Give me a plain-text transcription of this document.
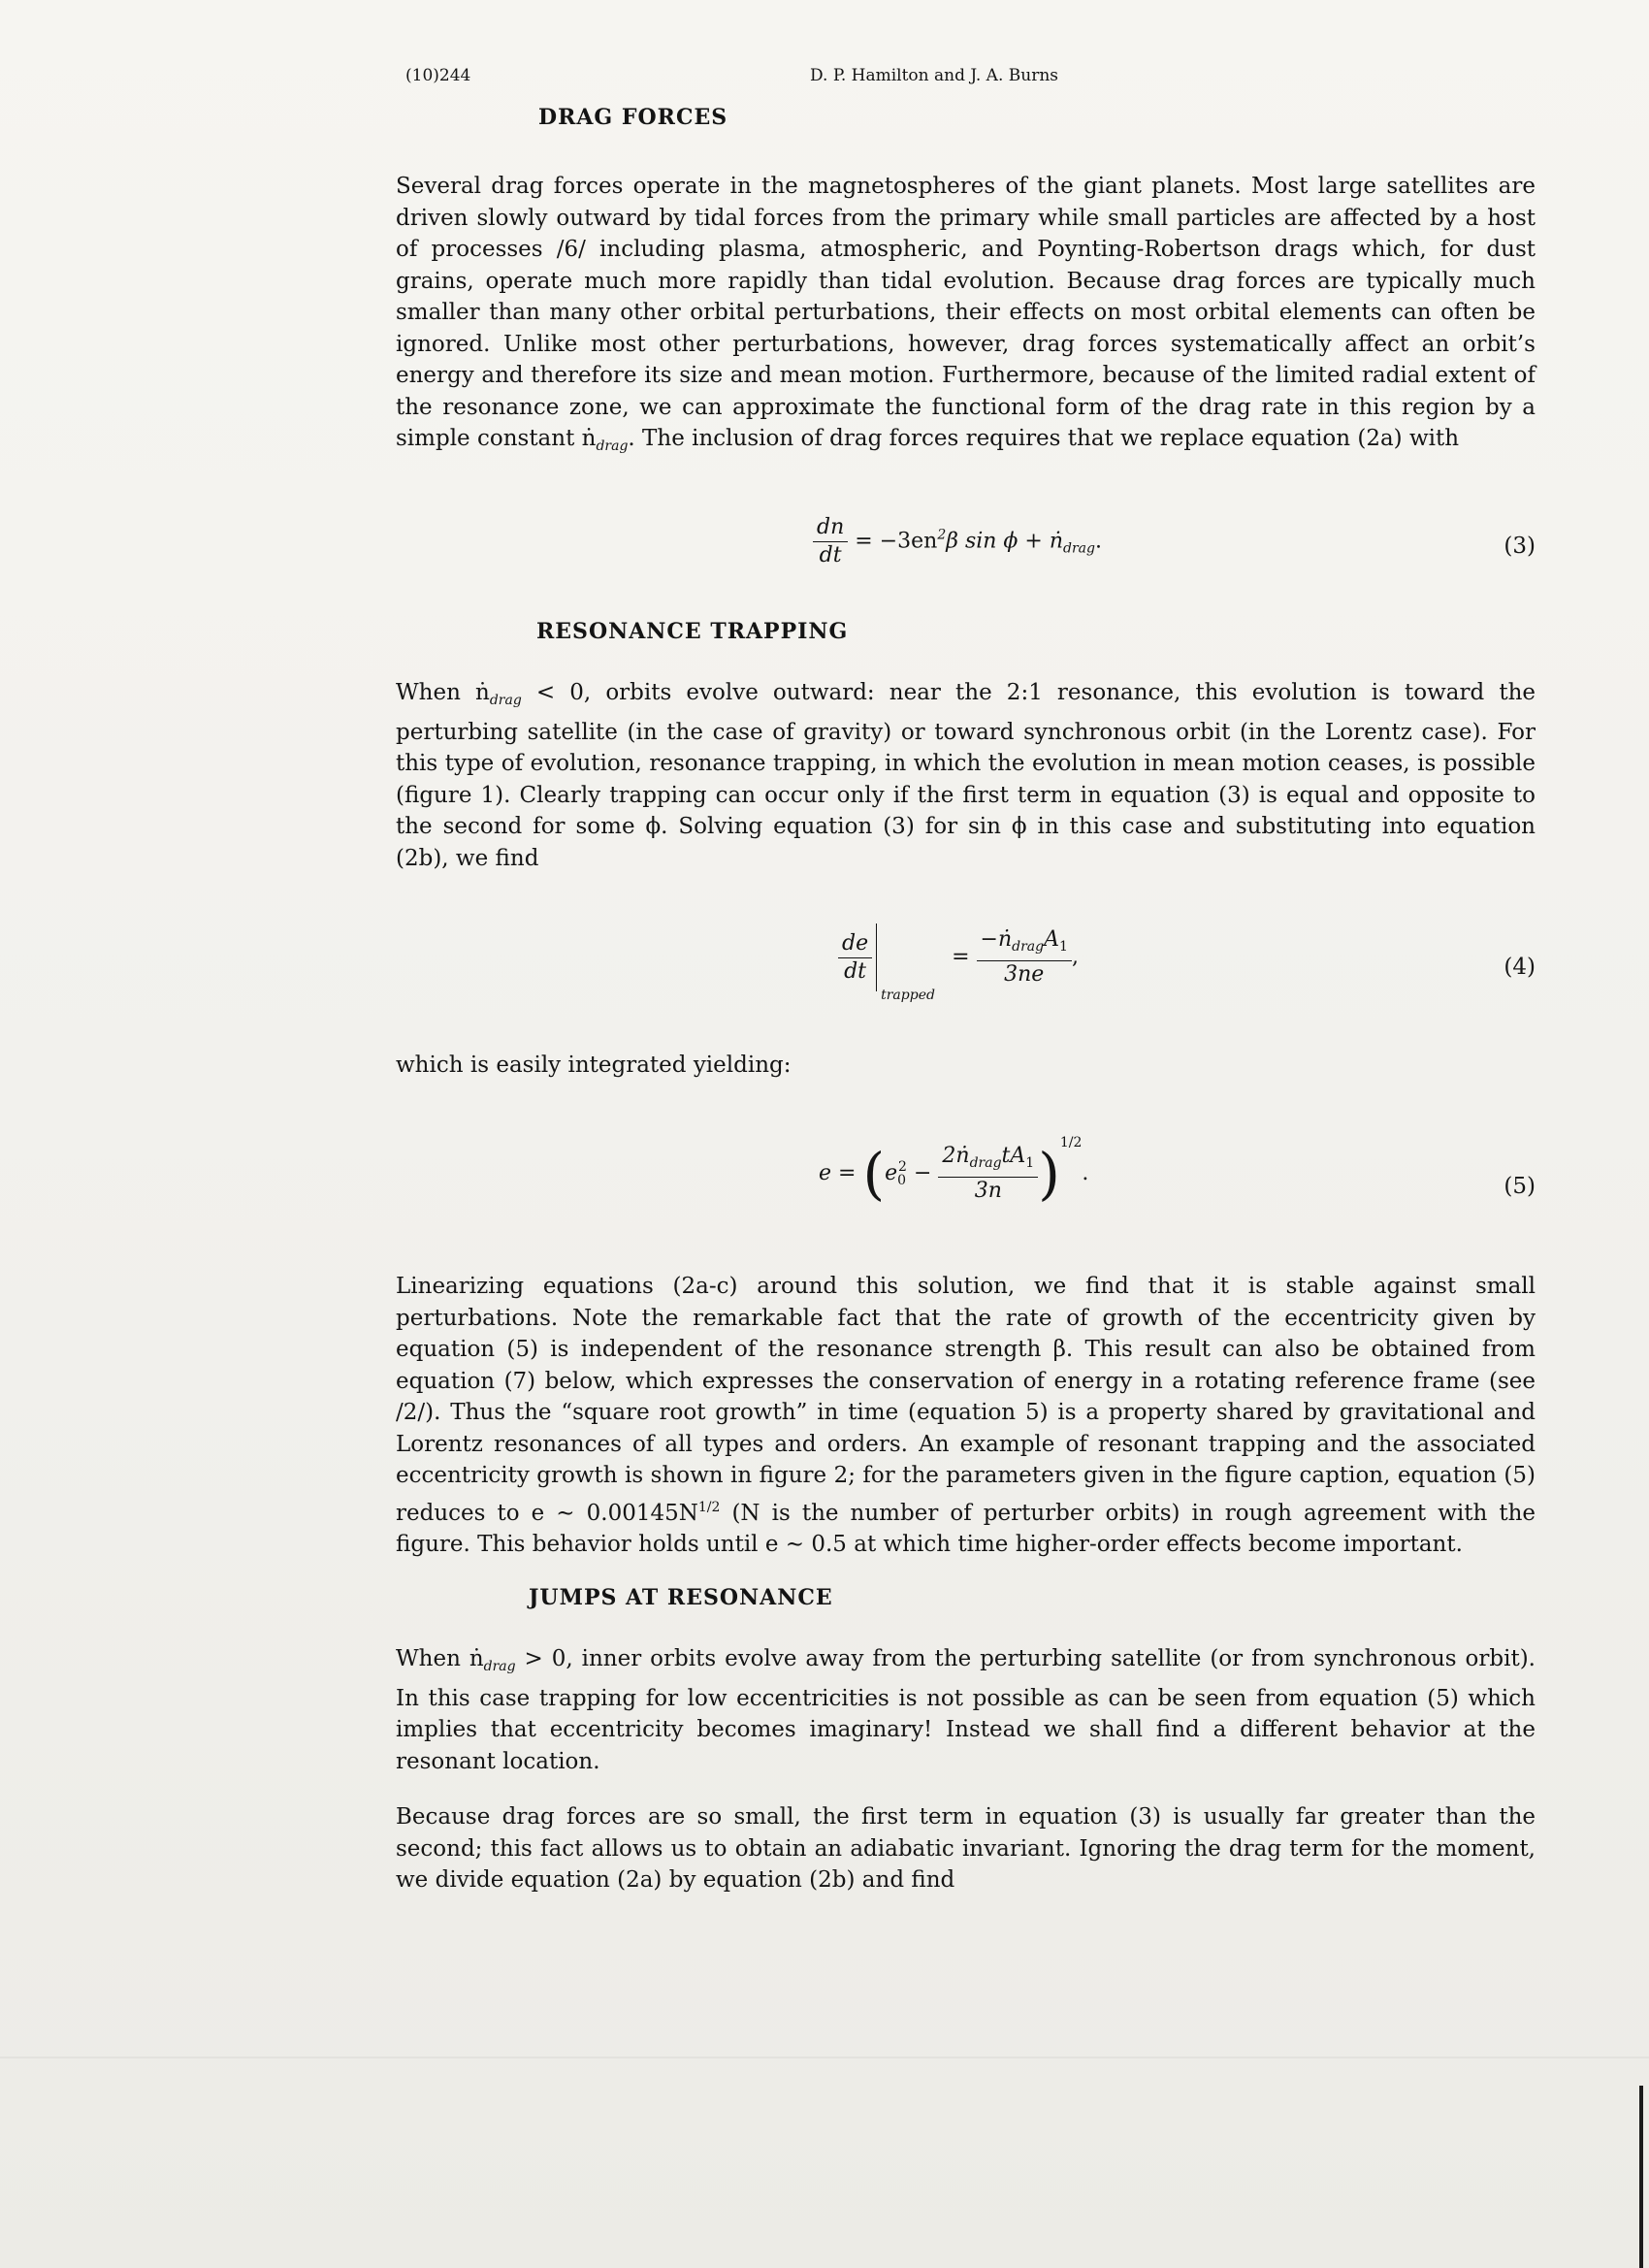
(10)244	D. P. Hamilton and J. A. Burns
DRAG FORCES
Several drag forces operate in the magnetospheres of the giant planets. Most large satellites are driven slowly outward by tidal forces from the primary while small particles are affected by a host of processes /6/ including plasma, atmospheric, and Poynting-Robertson drags which, for dust grains, operate much more rapidly than tidal evolution. Because drag forces are typically much smaller than many other orbital perturbations, their effects on most orbital elements can often be ignored. Unlike most other perturbations, however, drag forces systematically affect an orbit’s energy and therefore its size and mean motion. Furthermore, because of the limited radial extent of the resonance zone, we can approximate the functional form of the drag rate in this region by a simple constant ṅ$_{drag}$. The inclusion of drag forces requires that we replace equation (2a) with
$\frac{dn}{dt} = -3en^2\beta$ sin ϕ + ṅ$_{drag}$.	(3)
RESONANCE TRAPPING
When ṅ$_{drag}$ < 0, orbits evolve outward: near the 2:1 resonance, this evolution is toward the perturbing satellite (in the case of gravity) or toward synchronous orbit (in the Lorentz case). For this type of evolution, resonance trapping, in which the evolution in mean motion ceases, is possible (figure 1). Clearly trapping can occur only if the first term in equation (3) is equal and opposite to the second for some ϕ. Solving equation (3) for sin ϕ in this case and substituting into equation (2b), we find
$\frac{de}{dt}$
trapped
= $\frac{-ṅ_{drag}A_1}{3ne}$ ,	(4)
which is easily integrated yielding:
$e = (e_0^2 - \frac{2ṅ_{drag}tA_1}{3n} )^{1/2}$.
(5)
Linearizing equations (2a-c) around this solution, we find that it is stable against small perturbations. Note the remarkable fact that the rate of growth of the eccentricity given by equation (5) is independent of the resonance strength β. This result can also be obtained from equation (7) below, which expresses the conservation of energy in a rotating reference frame (see /2/). Thus the “square root growth” in time (equation 5) is a property shared by gravitational and Lorentz resonances of all types and orders. An example of resonant trapping and the associated eccentricity growth is shown in figure 2; for the parameters given in the figure caption, equation (5) reduces to e ∼ $0.00145N^{1/2}$ (N is the number of perturber orbits) in rough agreement with the figure. This behavior holds until e ∼ 0.5 at which time higher-order effects become important.
JUMPS AT RESONANCE
When ṅ$_{drag}$ > 0, inner orbits evolve away from the perturbing satellite (or from synchronous orbit). In this case trapping for low eccentricities is not possible as can be seen from equation (5) which implies that eccentricity becomes imaginary! Instead we shall find a different behavior at the resonant location.
Because drag forces are so small, the first term in equation (3) is usually far greater than the second; this fact allows us to obtain an adiabatic invariant. Ignoring the drag term for the moment, we divide equation (2a) by equation (2b) and find
